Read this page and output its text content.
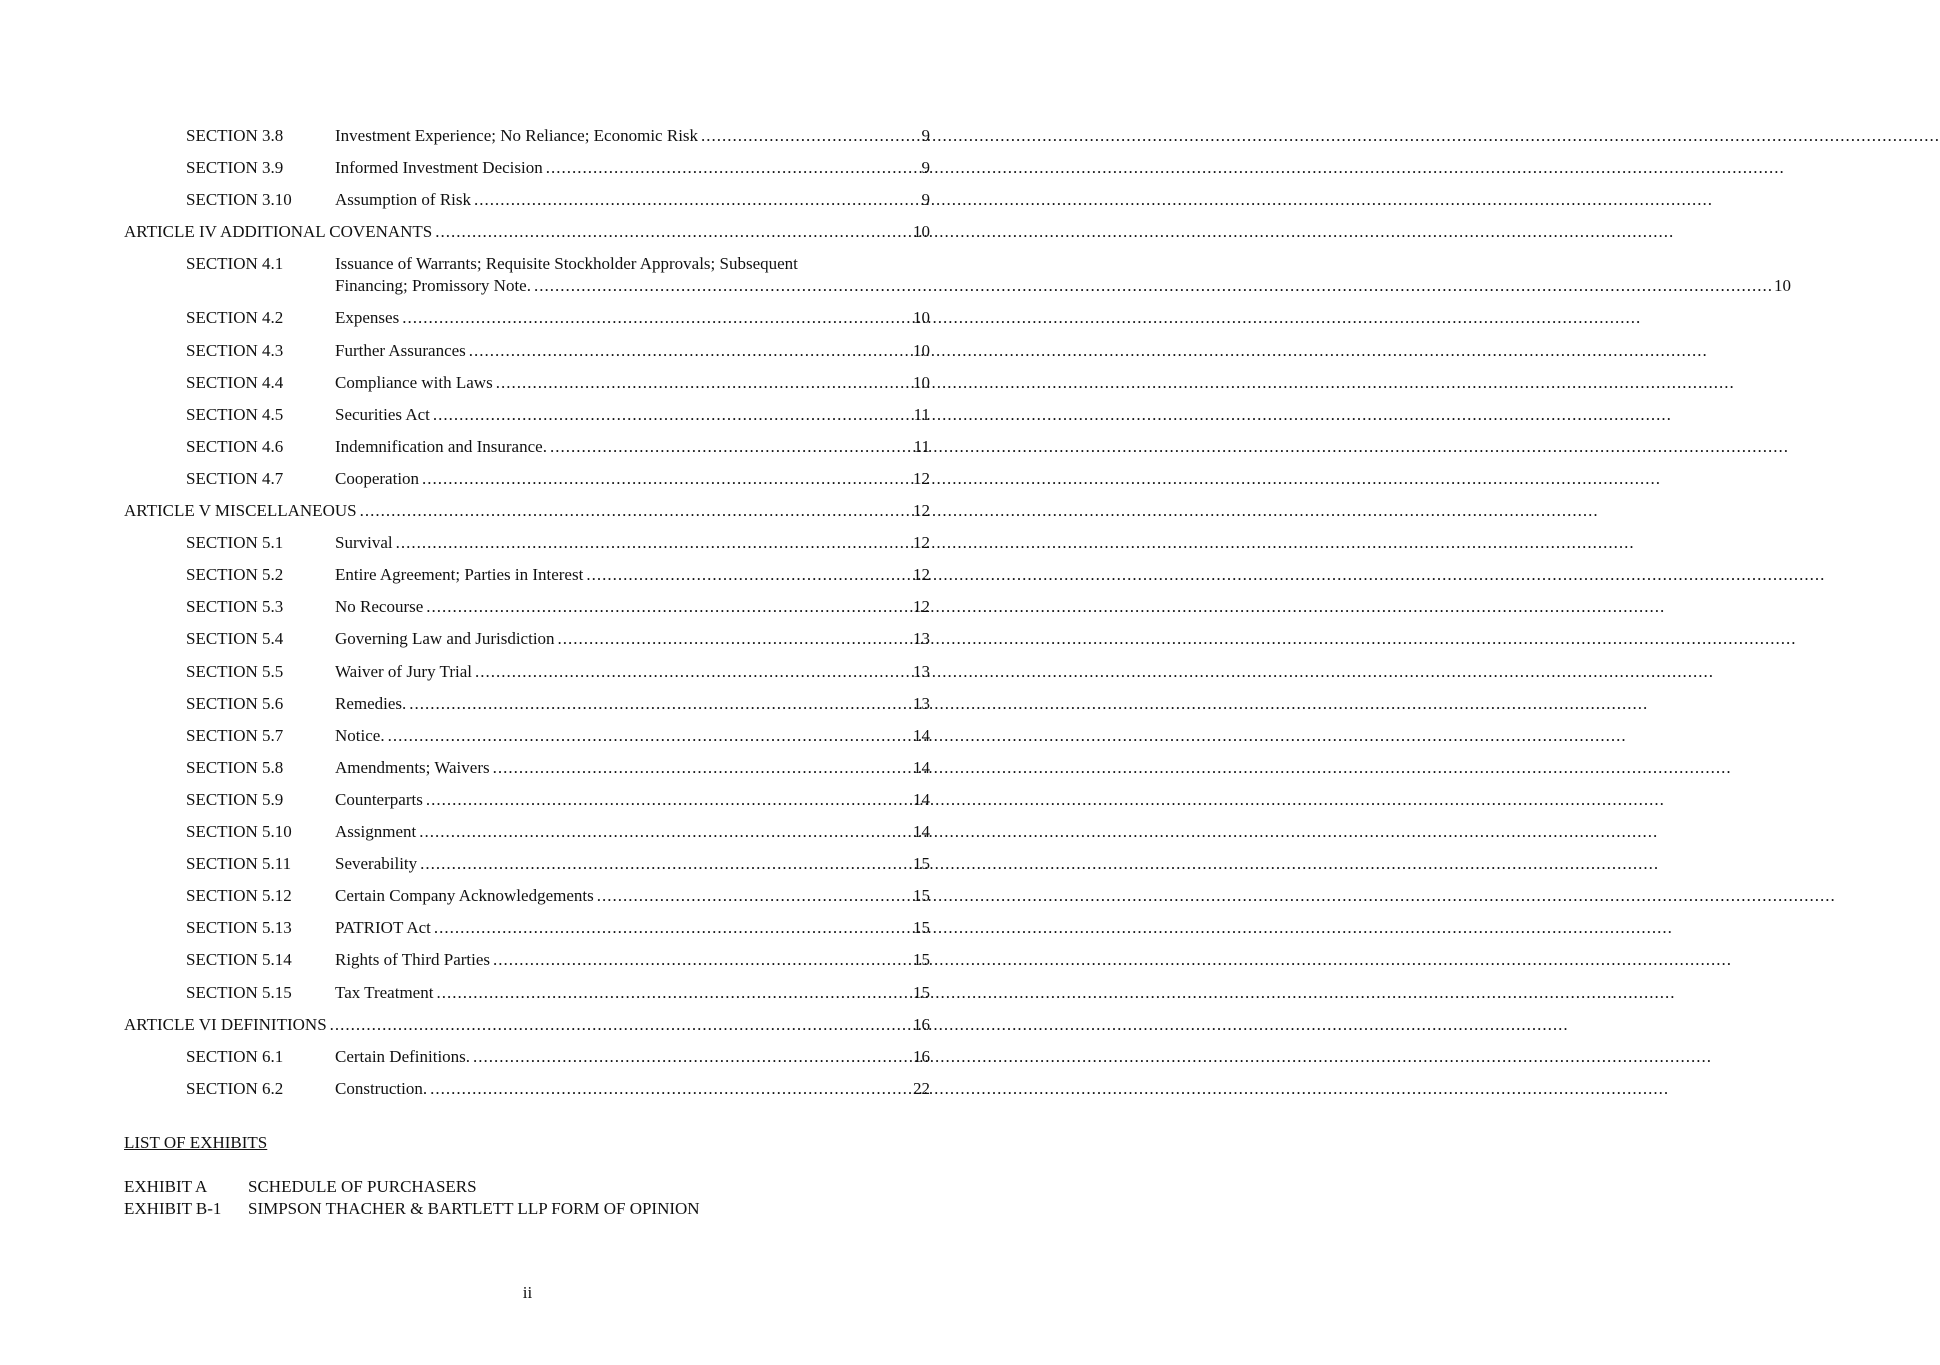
SECTION 3.8	Investment Experience; No Reliance; Economic Risk .....	9
SECTION 3.9	Informed Investment Decision .....	9
SECTION 3.10	Assumption of Risk .....	9
ARTICLE IV ADDITIONAL COVENANTS .....	10
SECTION 4.1	Issuance of Warrants; Requisite Stockholder Approvals; Subsequent
Financing; Promissory Note. .....	10
SECTION 4.2	Expenses .....	10
SECTION 4.3	Further Assurances .....	10
SECTION 4.4	Compliance with Laws .....	10
SECTION 4.5	Securities Act .....	11
SECTION 4.6	Indemnification and Insurance. .....	11
SECTION 4.7	Cooperation .....	12
ARTICLE V MISCELLANEOUS .....	12
SECTION 5.1	Survival .....	12
SECTION 5.2	Entire Agreement; Parties in Interest .....	12
SECTION 5.3	No Recourse .....	12
SECTION 5.4	Governing Law and Jurisdiction .....	13
SECTION 5.5	Waiver of Jury Trial .....	13
SECTION 5.6	Remedies. .....	13
SECTION 5.7	Notice. .....	14
SECTION 5.8	Amendments; Waivers .....	14
SECTION 5.9	Counterparts .....	14
SECTION 5.10	Assignment .....	14
SECTION 5.11	Severability .....	15
SECTION 5.12	Certain Company Acknowledgements .....	15
SECTION 5.13	PATRIOT Act .....	15
SECTION 5.14	Rights of Third Parties .....	15
SECTION 5.15	Tax Treatment .....	15
ARTICLE VI DEFINITIONS .....	16
SECTION 6.1	Certain Definitions. .....	16
SECTION 6.2	Construction. .....	22
LIST OF EXHIBITS
EXHIBIT A SCHEDULE OF PURCHASERS
EXHIBIT B-1 SIMPSON THACHER & BARTLETT LLP FORM OF OPINION
ii
